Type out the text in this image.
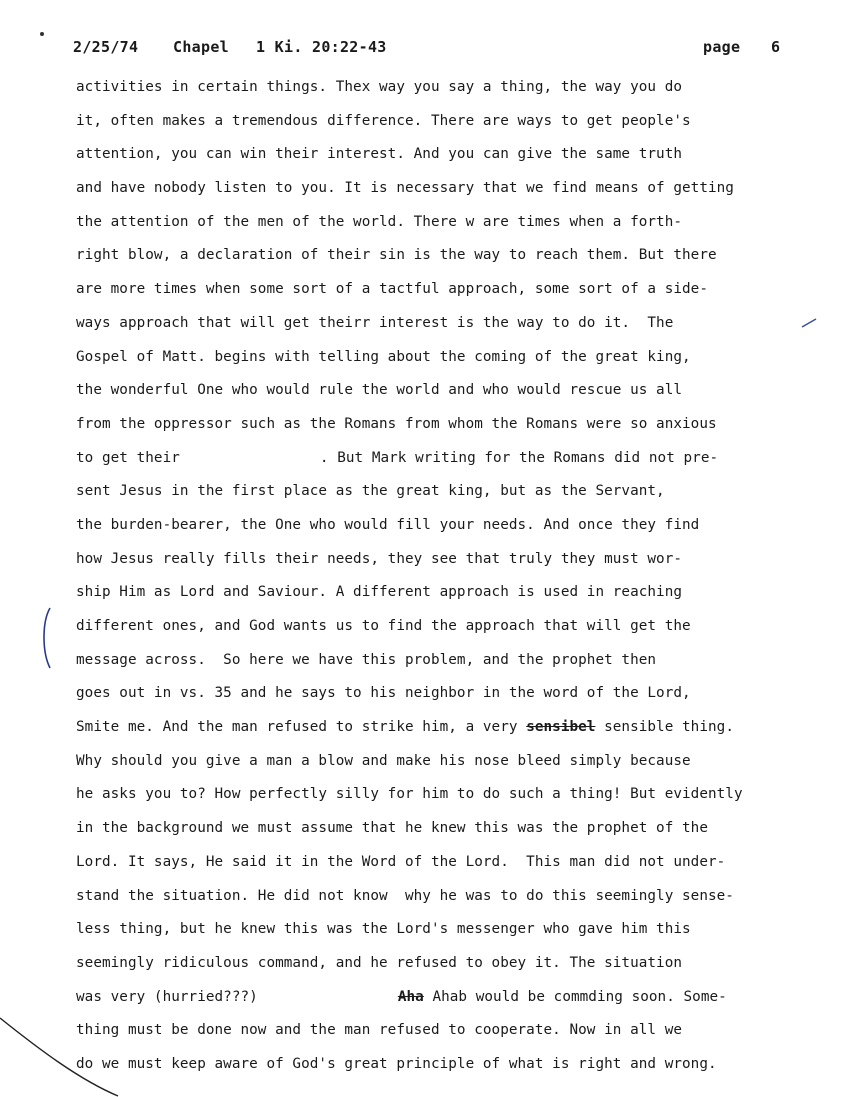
2/25/74 Chapel 1 Ki. 20:22-43	page 6
activities in certain things. Thex way you say a thing, the way you do
it, often makes a tremendous difference. There are ways to get people's
attention, you can win their interest. And you can give the same truth
and have nobody listen to you. It is necessary that we find means of getting
the attention of the men of the world. There w are times when a forth-
right blow, a declaration of their sin is the way to reach them. But there
are more times when some sort of a tactful approach, some sort of a side-
ways approach that will get theirr interest is the way to do it.  The
Gospel of Matt. begins with telling about the coming of the great king,
the wonderful One who would rule the world and who would rescue us all
from the oppressor such as the Romans from whom the Romans were so anxious
to get their	. But Mark writing for the Romans did not pre-
sent Jesus in the first place as the great king, but as the Servant,
the burden-bearer, the One who would fill your needs. And once they find
how Jesus really fills their needs, they see that truly they must wor-
ship Him as Lord and Saviour. A different approach is used in reaching
different ones, and God wants us to find the approach that will get the
message across.  So here we have this problem, and the prophet then
goes out in vs. 35 and he says to his neighbor in the word of the Lord,
Smite me. And the man refused to strike him, a very sensibel sensible thing.
Why should you give a man a blow and make his nose bleed simply because
he asks you to? How perfectly silly for him to do such a thing! But evidently
in the background we must assume that he knew this was the prophet of the
Lord. It says, He said it in the Word of the Lord.  This man did not under-
stand the situation. He did not know  why he was to do this seemingly sense-
less thing, but he knew this was the Lord's messenger who gave him this
seemingly ridiculous command, and he refused to obey it. The situation
was very (hurried???)	Aha Ahab would be commding soon. Some-
thing must be done now and the man refused to cooperate. Now in all we
do we must keep aware of God's great principle of what is right and wrong.
